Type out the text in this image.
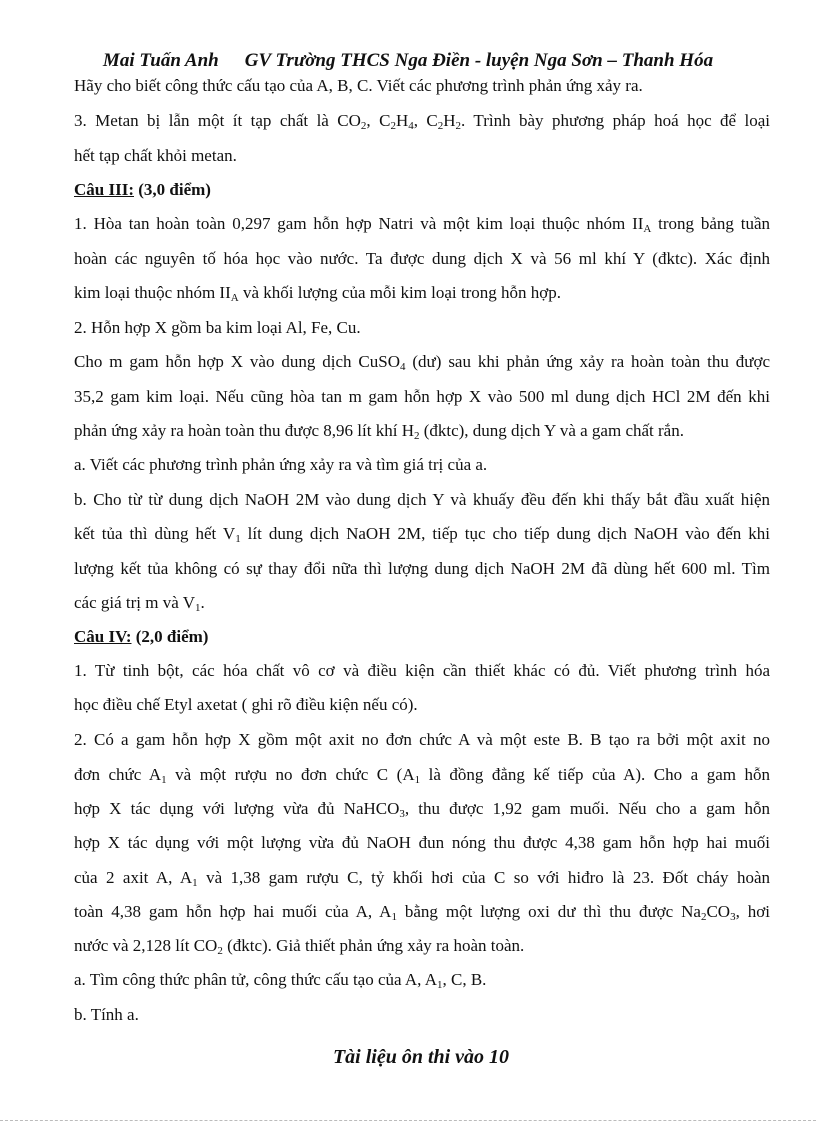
Mai Tuấn Anh GV Trường THCS Nga Điền - luyện Nga Sơn – Thanh Hóa
Hãy cho biết công thức cấu tạo của A, B, C. Viết các phương trình phản ứng xảy ra.
3. Metan bị lẫn một ít tạp chất là $CO_2$, $C_2H_4$, $C_2H_2$. Trình bày phương pháp hoá học để loại
hết tạp chất khỏi metan.
Câu III: (3,0 điểm)
1. Hòa tan hoàn toàn 0,297 gam hỗn hợp Natri và một kim loại thuộc nhóm $II_A$ trong bảng tuần
hoàn các nguyên tố hóa học vào nước. Ta được dung dịch X và 56 ml khí Y (đktc). Xác định
kim loại thuộc nhóm $II_A$ và khối lượng của mỗi kim loại trong hỗn hợp.
2. Hỗn hợp X gồm ba kim loại Al, Fe, Cu.
Cho m gam hỗn hợp X vào dung dịch CuSO$_4$ (dư) sau khi phản ứng xảy ra hoàn toàn thu được
35,2 gam kim loại. Nếu cũng hòa tan m gam hỗn hợp X vào 500 ml dung dịch HCl 2M đến khi
phản ứng xảy ra hoàn toàn thu được 8,96 lít khí $H_2$ (đktc), dung dịch Y và a gam chất rắn.
a. Viết các phương trình phản ứng xảy ra và tìm giá trị của a.
b. Cho từ từ dung dịch NaOH 2M vào dung dịch Y và khuấy đều đến khi thấy bắt đầu xuất hiện
kết tủa thì dùng hết $V_1$ lít dung dịch NaOH 2M, tiếp tục cho tiếp dung dịch NaOH vào đến khi
lượng kết tủa không có sự thay đổi nữa thì lượng dung dịch NaOH 2M đã dùng hết 600 ml. Tìm
các giá trị m và $V_1$.
Câu IV: (2,0 điểm)
1. Từ tinh bột, các hóa chất vô cơ và điều kiện cần thiết khác có đủ. Viết phương trình hóa
học điều chế Etyl axetat ( ghi rõ điều kiện nếu có).
2. Có a gam hỗn hợp X gồm một axit no đơn chức A và một este B. B tạo ra bởi một axit no
đơn chức $A_1$ và một rượu no đơn chức C ($A_1$ là đồng đẳng kế tiếp của A). Cho a gam hỗn
hợp X tác dụng với lượng vừa đủ NaHCO$_3$, thu được 1,92 gam muối. Nếu cho a gam hỗn
hợp X tác dụng với một lượng vừa đủ NaOH đun nóng thu được 4,38 gam hỗn hợp hai muối
của 2 axit A, $A_1$ và 1,38 gam rượu C, tỷ khối hơi của C so với hiđro là 23. Đốt cháy hoàn
toàn 4,38 gam hỗn hợp hai muối của A, $A_1$ bằng một lượng oxi dư thì thu được $Na_2CO_3$, hơi
nước và 2,128 lít $CO_2$ (đktc). Giả thiết phản ứng xảy ra hoàn toàn.
a. Tìm công thức phân tử, công thức cấu tạo của A, $A_1$, C, B.
b. Tính a.
Tài liệu ôn thi vào 10
